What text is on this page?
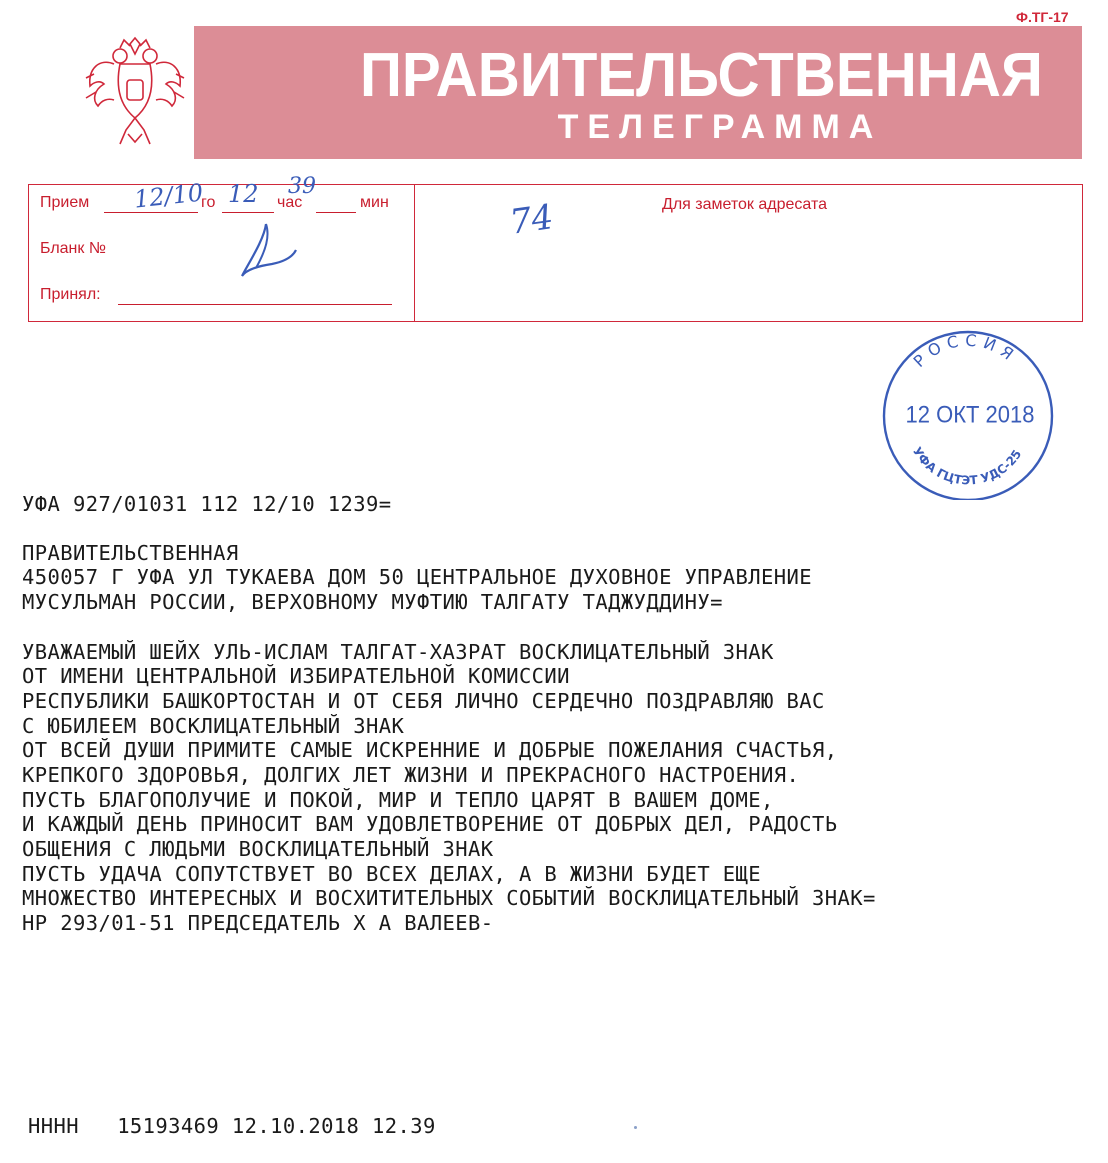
Ф.ТГ-17
ПРАВИТЕЛЬСТВЕННАЯ
ТЕЛЕГРАММА
Прием	го	час	мин
Бланк №
Принял:
Для заметок адресата
12/10 12 39
74
РОССИЯ
12 ОКТ 2018
УФА ГЦТЭТ УДС-25
УФА 927/01031 112 12/10 1239=
ПРАВИТЕЛЬСТВЕННАЯ
450057 Г УФА УЛ ТУКАЕВА ДОМ 50 ЦЕНТРАЛЬНОЕ ДУХОВНОЕ УПРАВЛЕНИЕ
МУСУЛЬМАН РОССИИ, ВЕРХОВНОМУ МУФТИЮ ТАЛГАТУ ТАДЖУДДИНУ=
УВАЖАЕМЫЙ ШЕЙХ УЛЬ-ИСЛАМ ТАЛГАТ-ХАЗРАТ ВОСКЛИЦАТЕЛЬНЫЙ ЗНАК
ОТ ИМЕНИ ЦЕНТРАЛЬНОЙ ИЗБИРАТЕЛЬНОЙ КОМИССИИ
РЕСПУБЛИКИ БАШКОРТОСТАН И ОТ СЕБЯ ЛИЧНО СЕРДЕЧНО ПОЗДРАВЛЯЮ ВАС
С ЮБИЛЕЕМ ВОСКЛИЦАТЕЛЬНЫЙ ЗНАК
ОТ ВСЕЙ ДУШИ ПРИМИТЕ САМЫЕ ИСКРЕННИЕ И ДОБРЫЕ ПОЖЕЛАНИЯ СЧАСТЬЯ,
КРЕПКОГО ЗДОРОВЬЯ, ДОЛГИХ ЛЕТ ЖИЗНИ И ПРЕКРАСНОГО НАСТРОЕНИЯ.
ПУСТЬ БЛАГОПОЛУЧИЕ И ПОКОЙ, МИР И ТЕПЛО ЦАРЯТ В ВАШЕМ ДОМЕ,
И КАЖДЫЙ ДЕНЬ ПРИНОСИТ ВАМ УДОВЛЕТВОРЕНИЕ ОТ ДОБРЫХ ДЕЛ, РАДОСТЬ
ОБЩЕНИЯ С ЛЮДЬМИ ВОСКЛИЦАТЕЛЬНЫЙ ЗНАК
ПУСТЬ УДАЧА СОПУТСТВУЕТ ВО ВСЕХ ДЕЛАХ, А В ЖИЗНИ БУДЕТ ЕЩЕ
МНОЖЕСТВО ИНТЕРЕСНЫХ И ВОСХИТИТЕЛЬНЫХ СОБЫТИЙ ВОСКЛИЦАТЕЛЬНЫЙ ЗНАК=
НР 293/01-51 ПРЕДСЕДАТЕЛЬ Х А ВАЛЕЕВ-
НННН   15193469 12.10.2018 12.39
